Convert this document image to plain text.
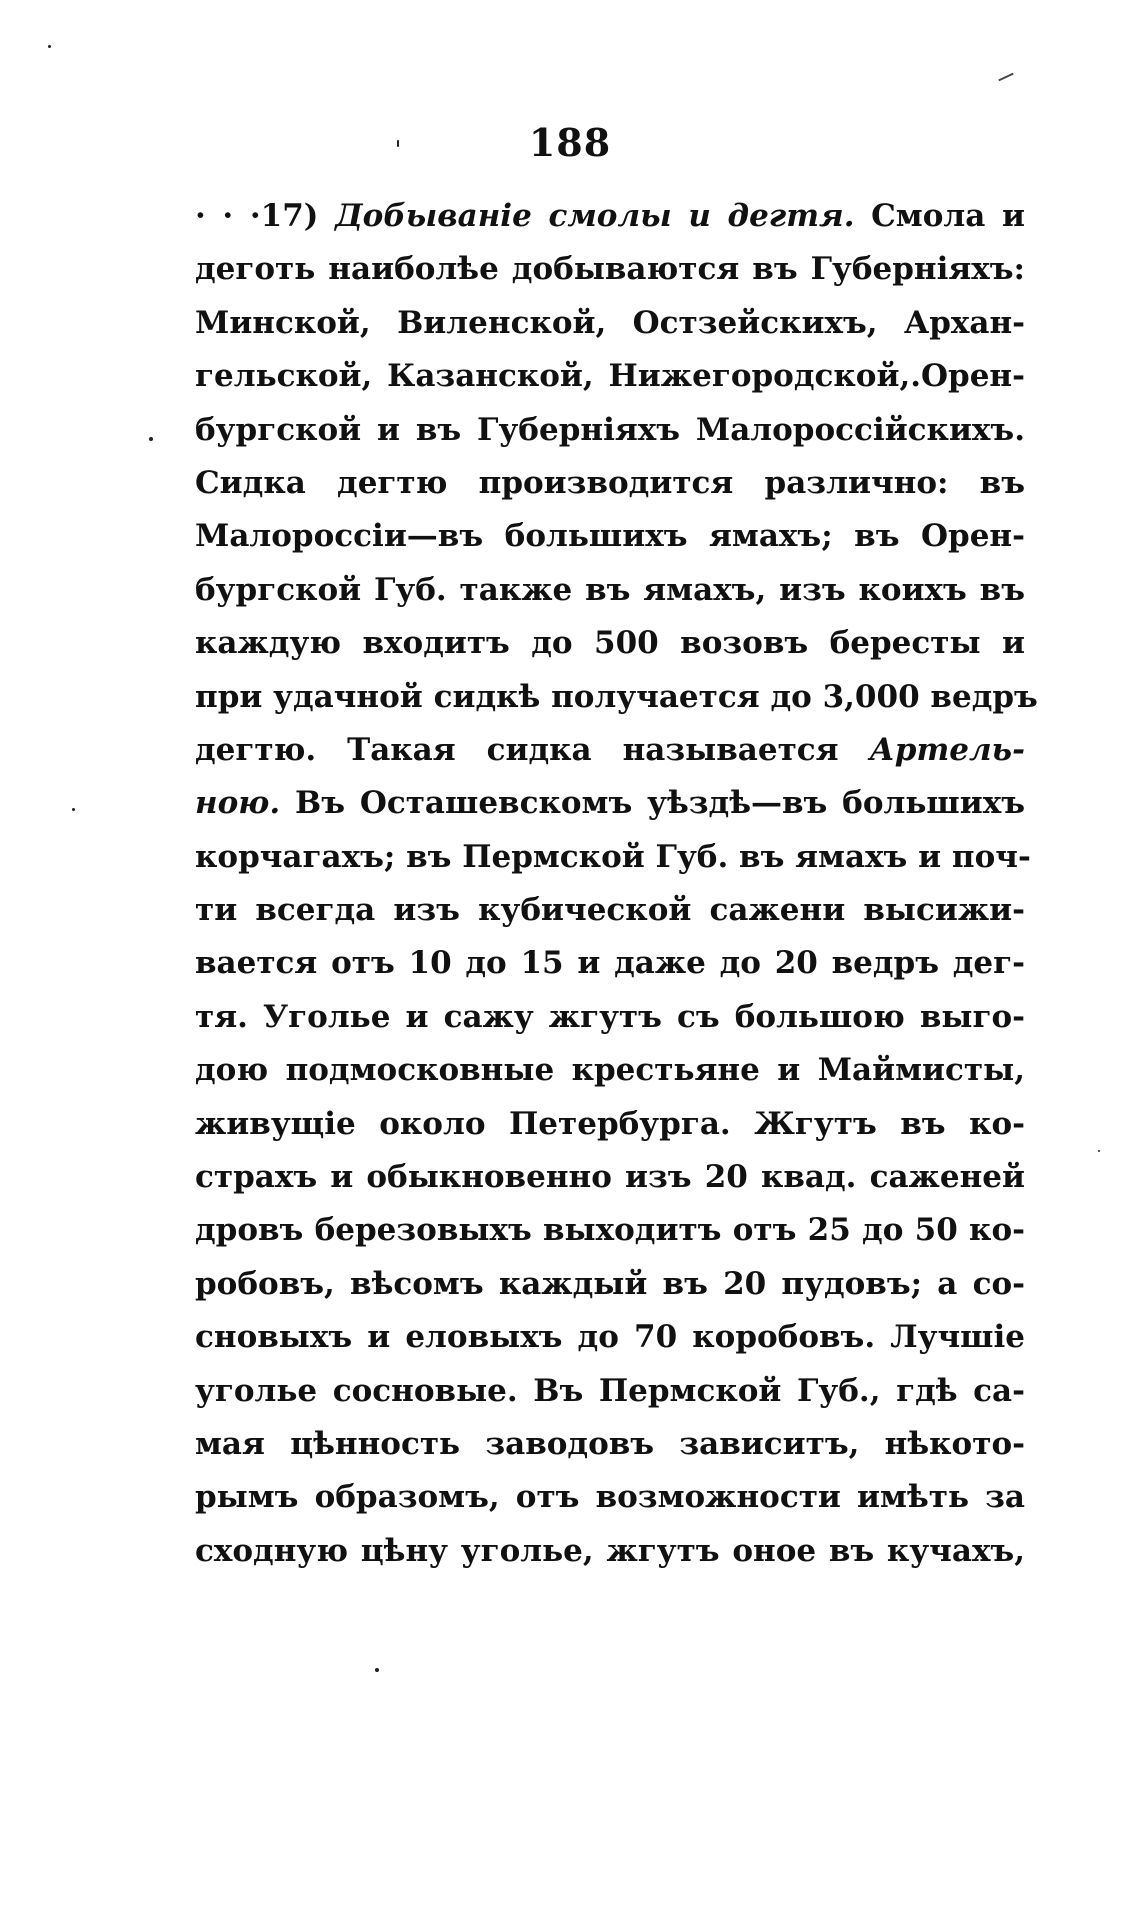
188
· · ·17) Добыванiе смолы и дегтя. Смола и
деготь наиболѣе добываются въ Губернiяхъ:
Минской, Виленской, Остзейскихъ, Архан-
гельской, Казанской, Нижегородской,.Орен-
бургской и въ Губернiяхъ Малороссiйскихъ.
Сидка дегтю производится различно: въ
Малороссiи—въ большихъ ямахъ; въ Орен-
бургской Губ. также въ ямахъ, изъ коихъ въ
каждую входитъ до 500 возовъ бересты и
при удачной сидкѣ получается до 3,000 ведръ
дегтю. Такая сидка называется Артель-
ною. Въ Осташевскомъ уѣздѣ—въ большихъ
корчагахъ; въ Пермской Губ. въ ямахъ и поч-
ти всегда изъ кубической сажени высижи-
вается отъ 10 до 15 и даже до 20 ведръ дег-
тя. Уголье и сажу жгутъ съ большою выго-
дою подмосковные крестьяне и Маймисты,
живущiе около Петербурга. Жгутъ въ ко-
страхъ и обыкновенно изъ 20 квад. саженей
дровъ березовыхъ выходитъ отъ 25 до 50 ко-
робовъ, вѣсомъ каждый въ 20 пудовъ; а со-
сновыхъ и еловыхъ до 70 коробовъ. Лучшiе
уголье сосновые. Въ Пермской Губ., гдѣ са-
мая цѣнность заводовъ зависитъ, нѣкото-
рымъ образомъ, отъ возможности имѣть за
сходную цѣну уголье, жгутъ оное въ кучахъ,
